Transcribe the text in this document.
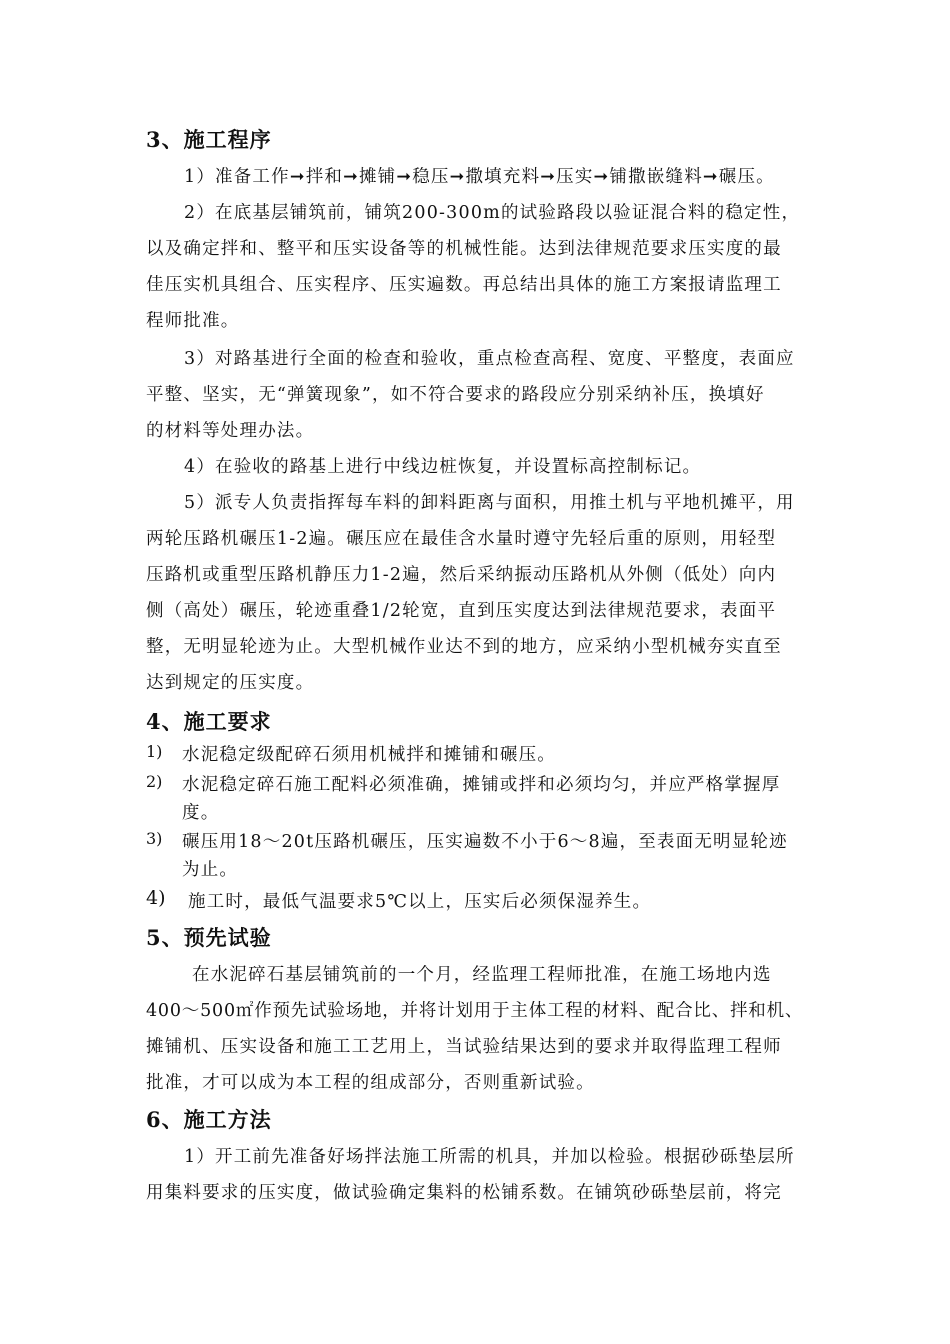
3、施工程序
1）准备工作➞拌和➞摊铺➞稳压➞撒填充料➞压实➞铺撒嵌缝料➞碾压。
2）在底基层铺筑前，铺筑200-300m的试验路段以验证混合料的稳定性，
以及确定拌和、整平和压实设备等的机械性能。达到法律规范要求压实度的最
佳压实机具组合、压实程序、压实遍数。再总结出具体的施工方案报请监理工
程师批准。
3）对路基进行全面的检查和验收，重点检查高程、宽度、平整度，表面应
平整、坚实，无“弹簧现象”，如不符合要求的路段应分别采纳补压，换填好
的材料等处理办法。
4）在验收的路基上进行中线边桩恢复，并设置标高控制标记。
5）派专人负责指挥每车料的卸料距离与面积，用推土机与平地机摊平，用
两轮压路机碾压1-2遍。碾压应在最佳含水量时遵守先轻后重的原则，用轻型
压路机或重型压路机静压力1-2遍，然后采纳振动压路机从外侧（低处）向内
侧（高处）碾压，轮迹重叠1/2轮宽，直到压实度达到法律规范要求，表面平
整，无明显轮迹为止。大型机械作业达不到的地方，应采纳小型机械夯实直至
达到规定的压实度。
4、施工要求
1) 水泥稳定级配碎石须用机械拌和摊铺和碾压。
2) 水泥稳定碎石施工配料必须准确，摊铺或拌和必须均匀，并应严格掌握厚
度。
3) 碾压用18～20t压路机碾压，压实遍数不小于6～8遍，至表面无明显轮迹
为止。
4) 施工时，最低气温要求5℃以上，压实后必须保湿养生。
5、预先试验
在水泥碎石基层铺筑前的一个月，经监理工程师批准，在施工场地内选
400～500㎡作预先试验场地，并将计划用于主体工程的材料、配合比、拌和机、
摊铺机、压实设备和施工工艺用上，当试验结果达到的要求并取得监理工程师
批准，才可以成为本工程的组成部分，否则重新试验。
6、施工方法
1）开工前先准备好场拌法施工所需的机具，并加以检验。根据砂砾垫层所
用集料要求的压实度，做试验确定集料的松铺系数。在铺筑砂砾垫层前，将完
